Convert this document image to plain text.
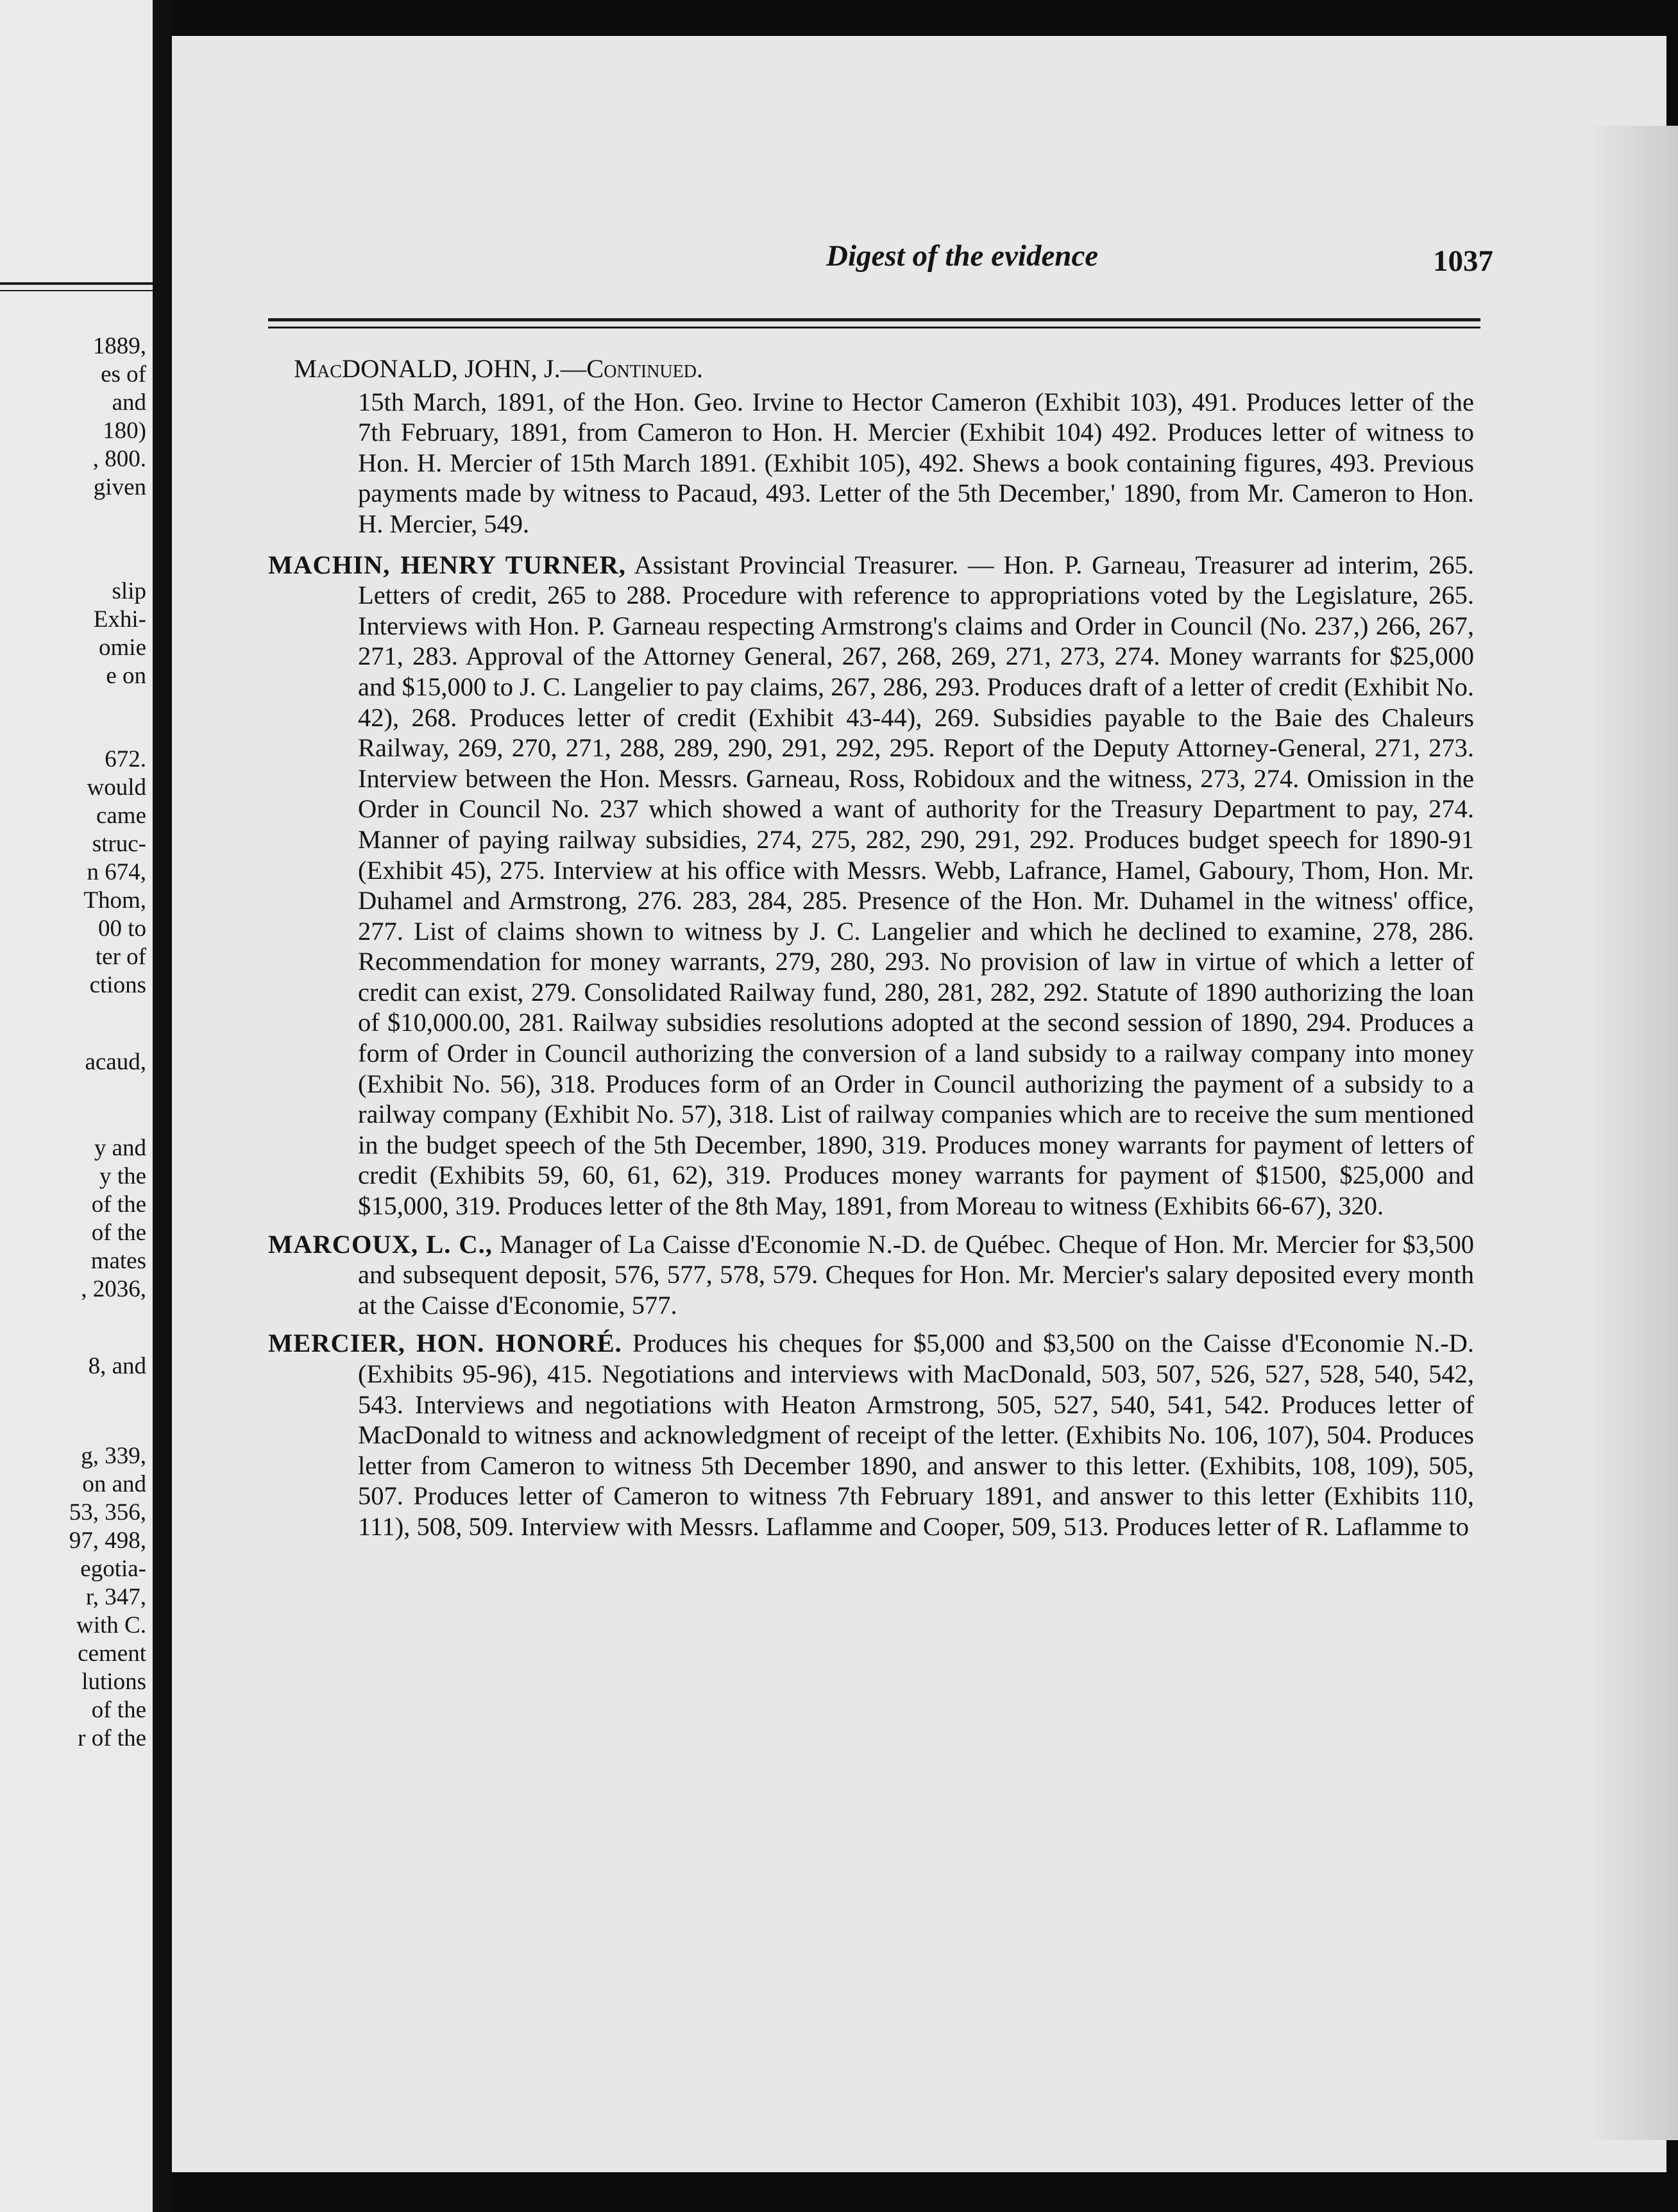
1889,
es of
and
180)
, 800.
given
slip
Exhi-
omie
e on
672.
would
came
struc-
n 674,
Thom,
00 to
ter of
ctions
acaud,
y and
y the
of the
of the
mates
, 2036,
8, and
g, 339,
on and
53, 356,
97, 498,
egotia-
r, 347,
with C.
cement
lutions
of the
r of the
Digest of the evidence	1037
MacDONALD, JOHN, J.—Continued.
15th March, 1891, of the Hon. Geo. Irvine to Hector Cameron (Exhibit 103), 491. Produces letter of the 7th February, 1891, from Cameron to Hon. H. Mercier (Exhibit 104) 492. Produces letter of witness to Hon. H. Mercier of 15th March 1891. (Exhibit 105), 492. Shews a book containing figures, 493. Previous payments made by witness to Pacaud, 493. Letter of the 5th December,' 1890, from Mr. Cameron to Hon. H. Mercier, 549.
MACHIN, HENRY TURNER, Assistant Provincial Treasurer. — Hon. P. Garneau, Treasurer ad interim, 265. Letters of credit, 265 to 288. Procedure with reference to appropriations voted by the Legislature, 265. Interviews with Hon. P. Garneau respecting Armstrong's claims and Order in Council (No. 237,) 266, 267, 271, 283. Approval of the Attorney General, 267, 268, 269, 271, 273, 274. Money warrants for $25,000 and $15,000 to J. C. Langelier to pay claims, 267, 286, 293. Produces draft of a letter of credit (Exhibit No. 42), 268. Produces letter of credit (Exhibit 43-44), 269. Subsidies payable to the Baie des Chaleurs Railway, 269, 270, 271, 288, 289, 290, 291, 292, 295. Report of the Deputy Attorney-General, 271, 273. Interview between the Hon. Messrs. Garneau, Ross, Robidoux and the witness, 273, 274. Omission in the Order in Council No. 237 which showed a want of authority for the Treasury Department to pay, 274. Manner of paying railway subsidies, 274, 275, 282, 290, 291, 292. Produces budget speech for 1890-91 (Exhibit 45), 275. Interview at his office with Messrs. Webb, Lafrance, Hamel, Gaboury, Thom, Hon. Mr. Duhamel and Armstrong, 276. 283, 284, 285. Presence of the Hon. Mr. Duhamel in the witness' office, 277. List of claims shown to witness by J. C. Langelier and which he declined to examine, 278, 286. Recommendation for money warrants, 279, 280, 293. No provision of law in virtue of which a letter of credit can exist, 279. Consolidated Railway fund, 280, 281, 282, 292. Statute of 1890 authorizing the loan of $10,000.00, 281. Railway subsidies resolutions adopted at the second session of 1890, 294. Produces a form of Order in Council authorizing the conversion of a land subsidy to a railway company into money (Exhibit No. 56), 318. Produces form of an Order in Council authorizing the payment of a subsidy to a railway company (Exhibit No. 57), 318. List of railway companies which are to receive the sum mentioned in the budget speech of the 5th December, 1890, 319. Produces money warrants for payment of letters of credit (Exhibits 59, 60, 61, 62), 319. Produces money warrants for payment of $1500, $25,000 and $15,000, 319. Produces letter of the 8th May, 1891, from Moreau to witness (Exhibits 66-67), 320.
MARCOUX, L. C., Manager of La Caisse d'Economie N.-D. de Québec. Cheque of Hon. Mr. Mercier for $3,500 and subsequent deposit, 576, 577, 578, 579. Cheques for Hon. Mr. Mercier's salary deposited every month at the Caisse d'Economie, 577.
MERCIER, HON. HONORÉ. Produces his cheques for $5,000 and $3,500 on the Caisse d'Economie N.-D. (Exhibits 95-96), 415. Negotiations and interviews with MacDonald, 503, 507, 526, 527, 528, 540, 542, 543. Interviews and negotiations with Heaton Armstrong, 505, 527, 540, 541, 542. Produces letter of MacDonald to witness and acknowledgment of receipt of the letter. (Exhibits No. 106, 107), 504. Produces letter from Cameron to witness 5th December 1890, and answer to this letter. (Exhibits, 108, 109), 505, 507. Produces letter of Cameron to witness 7th February 1891, and answer to this letter (Exhibits 110, 111), 508, 509. Interview with Messrs. Laflamme and Cooper, 509, 513. Produces letter of R. Laflamme to
